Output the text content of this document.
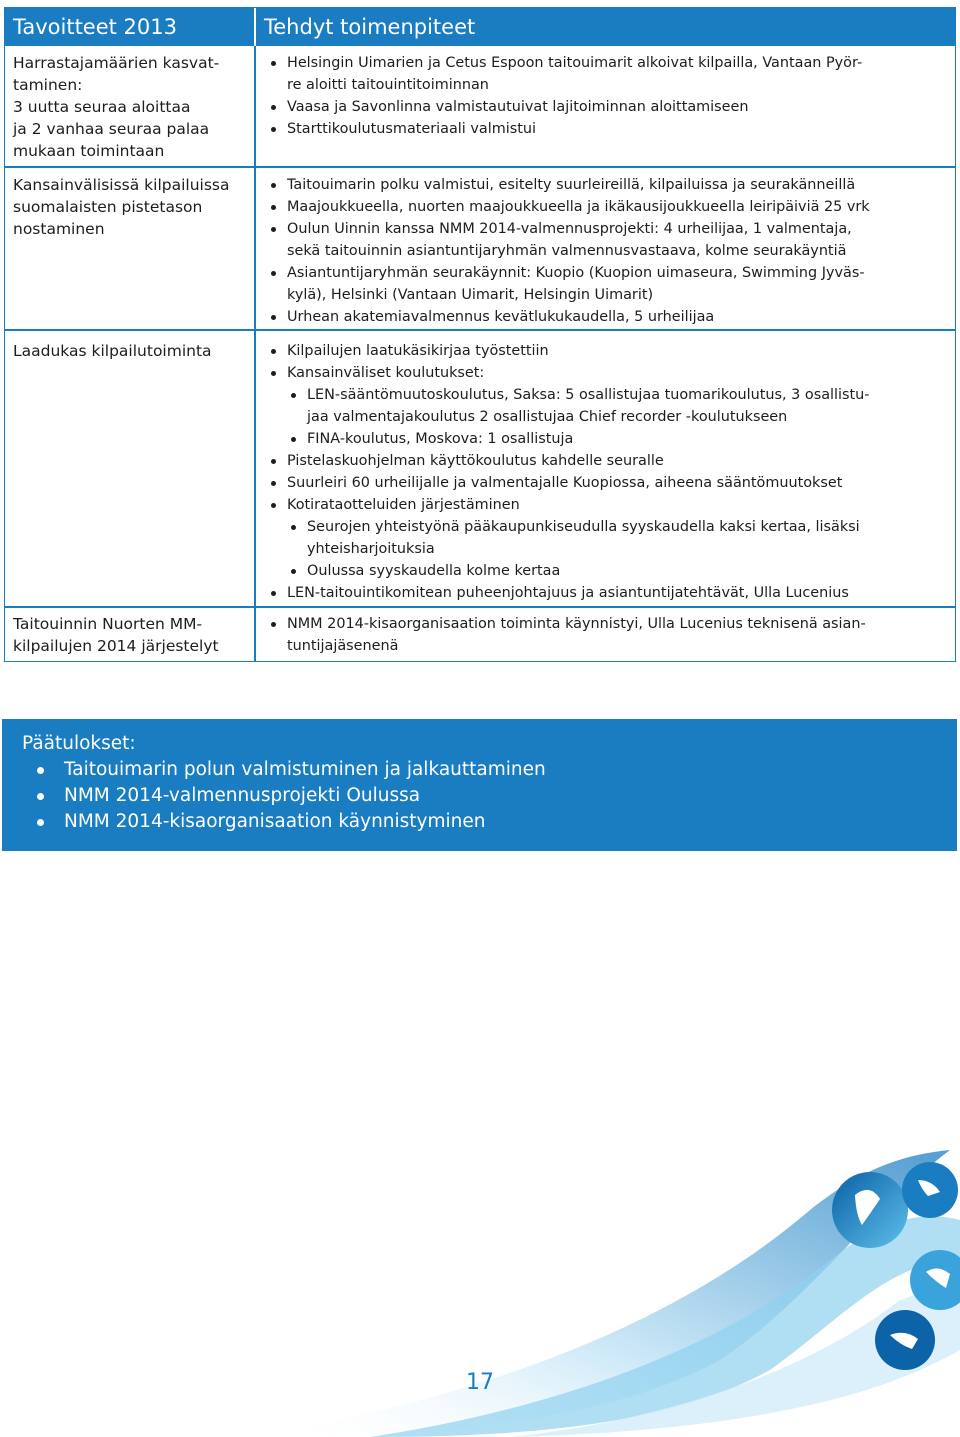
Tavoitteet 2013	Tehdyt toimenpiteet
Harrastajamäärien kasvat-
taminen:
3 uutta seuraa aloittaa
ja 2 vanhaa seuraa palaa
mukaan toimintaan
Helsingin Uimarien ja Cetus Espoon taitouimarit alkoivat kilpailla, Vantaan Pyör-
re aloitti taitouintitoiminnan
Vaasa ja Savonlinna valmistautuivat lajitoiminnan aloittamiseen
Starttikoulutusmateriaali valmistui
Kansainvälisissä kilpailuissa
suomalaisten pistetason
nostaminen
Taitouimarin polku valmistui, esitelty suurleireillä, kilpailuissa ja seurakänneillä
Maajoukkueella, nuorten maajoukkueella ja ikäkausijoukkueella leiripäiviä 25 vrk
Oulun Uinnin kanssa NMM 2014-valmennusprojekti: 4 urheilijaa, 1 valmentaja,
sekä taitouinnin asiantuntijaryhmän valmennusvastaava, kolme seurakäyntiä
Asiantuntijaryhmän seurakäynnit: Kuopio (Kuopion uimaseura, Swimming Jyväs-
kylä), Helsinki (Vantaan Uimarit, Helsingin Uimarit)
Urhean akatemiavalmennus kevätlukukaudella, 5 urheilijaa
Laadukas kilpailutoiminta	Kilpailujen laatukäsikirjaa työstettiin
Kansainväliset koulutukset:
LEN-sääntömuutoskoulutus, Saksa: 5 osallistujaa tuomarikoulutus, 3 osallistu-
jaa valmentajakoulutus 2 osallistujaa Chief recorder -koulutukseen
FINA-koulutus, Moskova: 1 osallistuja
Pistelaskuohjelman käyttökoulutus kahdelle seuralle
Suurleiri 60 urheilijalle ja valmentajalle Kuopiossa, aiheena sääntömuutokset
Kotirataotteluiden järjestäminen
Seurojen yhteistyönä pääkaupunkiseudulla syyskaudella kaksi kertaa, lisäksi
yhteisharjoituksia
Oulussa syyskaudella kolme kertaa
LEN-taitouintikomitean puheenjohtajuus ja asiantuntijatehtävät, Ulla Lucenius
Taitouinnin Nuorten MM-
kilpailujen 2014 järjestelyt
NMM 2014-kisaorganisaation toiminta käynnistyi, Ulla Lucenius teknisenä asian-
tuntijajäsenenä
Päätulokset:
Taitouimarin polun valmistuminen ja jalkauttaminen
NMM 2014-valmennusprojekti Oulussa
NMM 2014-kisaorganisaation käynnistyminen
17
